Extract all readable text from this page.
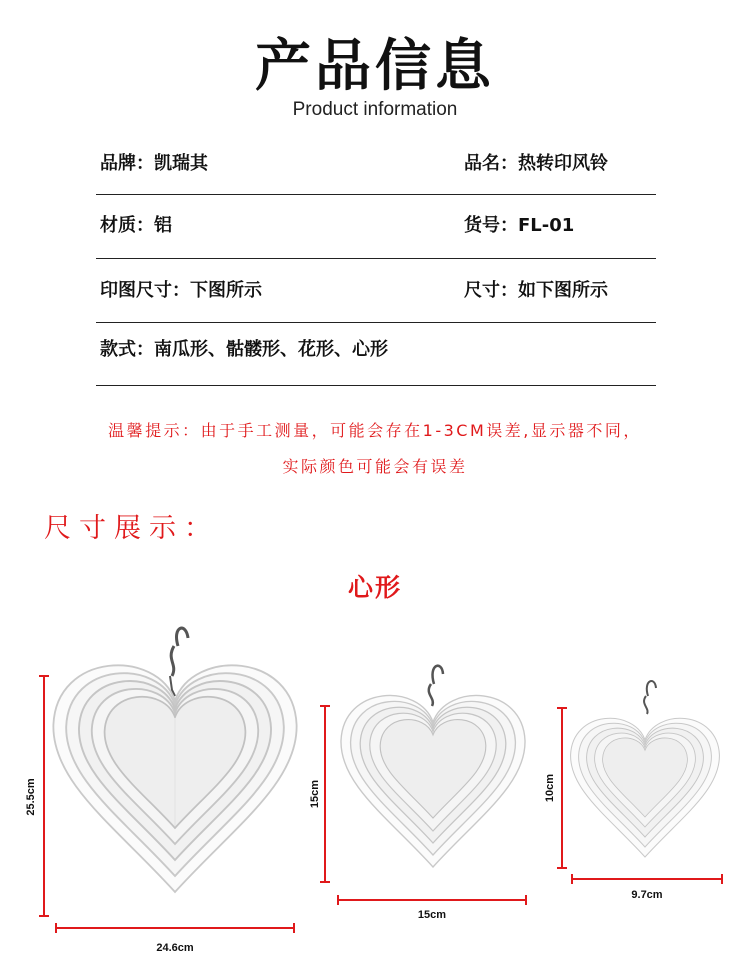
产品信息
Product information
品牌：凯瑞其	品名：热转印风铃
材质：铝	货号：FL-01
印图尺寸：下图所示	尺寸：如下图所示
款式：南瓜形、骷髅形、花形、心形
温馨提示：由于手工测量，可能会存在1-3CM误差,显示器不同，
实际颜色可能会有误差
尺寸展示：
心形
25.5cm
24.6cm
15cm
15cm
10cm
9.7cm
